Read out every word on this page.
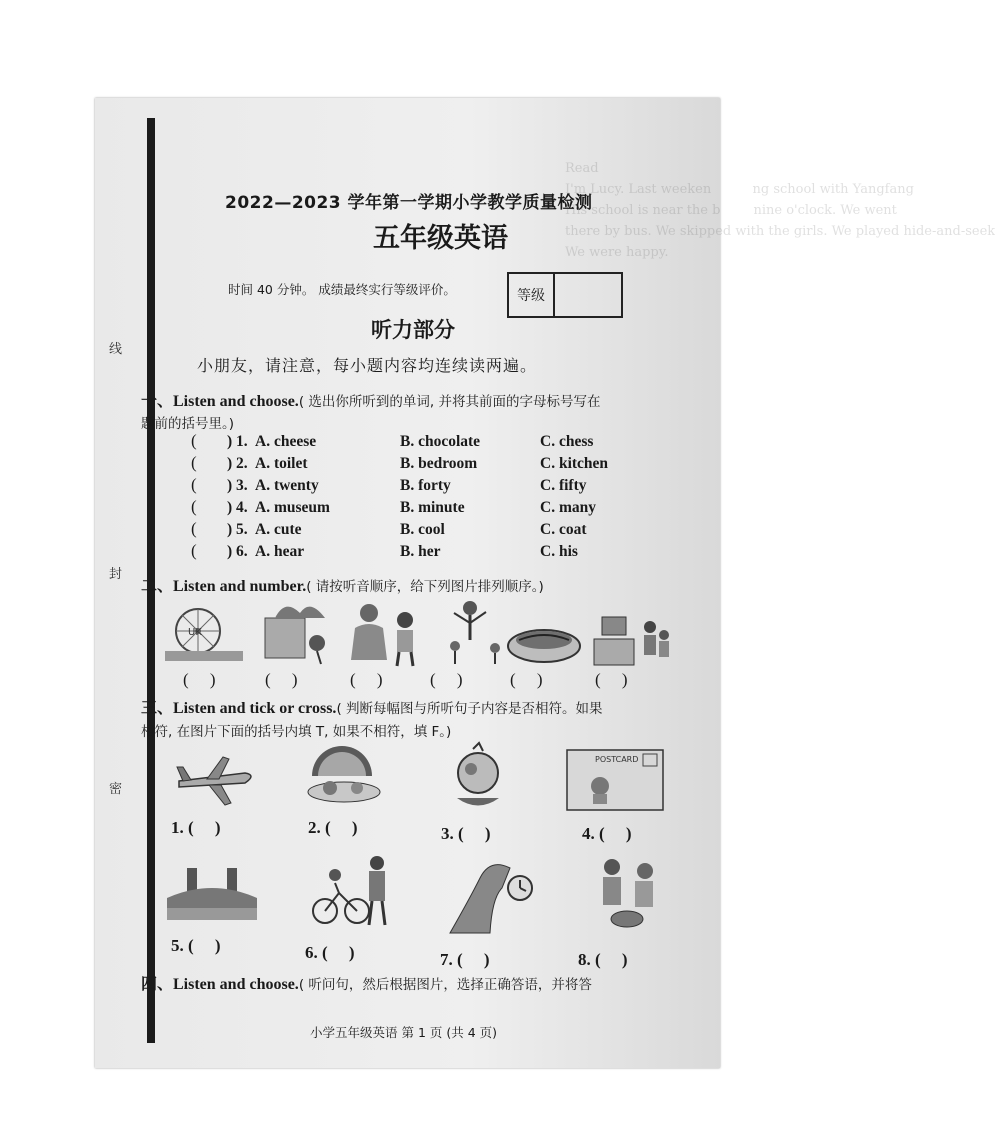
Read
I'm Lucy. Last weeken          ng school with Yangfang
His school is near the b        nine o'clock. We went
there by bus. We skipped with the girls. We played hide-and-seek
We were happy.
线
封
密
2022—2023 学年第一学期小学教学质量检测
五年级英语
时间 40 分钟。 成绩最终实行等级评价。	等级
听力部分
小朋友，请注意，每小题内容均连续读两遍。
一、Listen and choose.( 选出你所听到的单词, 并将其前面的字母标号写在
题前的括号里。)
( ) 1. A. cheese	B. chocolate	C. chess
( ) 2. A. toilet	B. bedroom	C. kitchen
( ) 3. A. twenty	B. forty	C. fifty
( ) 4. A. museum	B. minute	C. many
( ) 5. A. cute	B. cool	C. coat
( ) 6. A. hear	B. her	C. his
二、Listen and number.( 请按听音顺序，给下列图片排列顺序。)
UK
(     )	(     )	(     )	(     )	(     )	(     )
三、Listen and tick or cross.( 判断每幅图与所听句子内容是否相符。如果
相符, 在图片下面的括号内填 T, 如果不相符，填 F。)
POSTCARD
1. (     )	2. (     )	3. (     )	4. (     )
5. (     )	6. (     )	7. (     )	8. (     )
四、Listen and choose.( 听问句，然后根据图片，选择正确答语，并将答
小学五年级英语 第 1 页 (共 4 页)
